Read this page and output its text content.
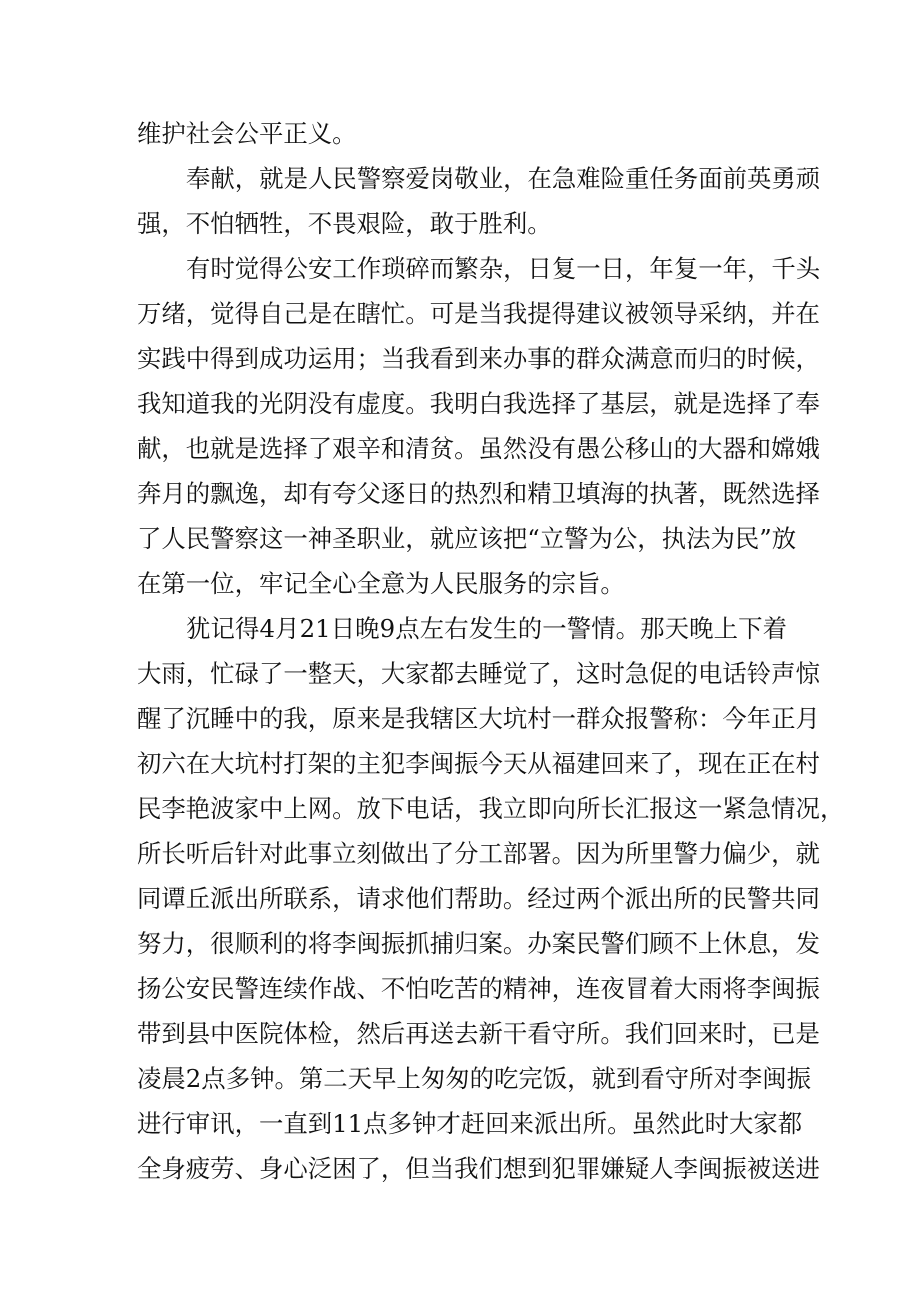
维护社会公平正义。
奉献，就是人民警察爱岗敬业，在急难险重任务面前英勇顽
强，不怕牺牲，不畏艰险，敢于胜利。
有时觉得公安工作琐碎而繁杂，日复一日，年复一年，千头
万绪，觉得自己是在瞎忙。可是当我提得建议被领导采纳，并在
实践中得到成功运用；当我看到来办事的群众满意而归的时候，
我知道我的光阴没有虚度。我明白我选择了基层，就是选择了奉
献，也就是选择了艰辛和清贫。虽然没有愚公移山的大器和嫦娥
奔月的飘逸，却有夸父逐日的热烈和精卫填海的执著，既然选择
了人民警察这一神圣职业，就应该把“立警为公，执法为民”放
在第一位，牢记全心全意为人民服务的宗旨。
犹记得4月21日晚9点左右发生的一警情。那天晚上下着
大雨，忙碌了一整天，大家都去睡觉了，这时急促的电话铃声惊
醒了沉睡中的我，原来是我辖区大坑村一群众报警称：今年正月
初六在大坑村打架的主犯李闽振今天从福建回来了，现在正在村
民李艳波家中上网。放下电话，我立即向所长汇报这一紧急情况，
所长听后针对此事立刻做出了分工部署。因为所里警力偏少，就
同谭丘派出所联系，请求他们帮助。经过两个派出所的民警共同
努力，很顺利的将李闽振抓捕归案。办案民警们顾不上休息，发
扬公安民警连续作战、不怕吃苦的精神，连夜冒着大雨将李闽振
带到县中医院体检，然后再送去新干看守所。我们回来时，已是
凌晨2点多钟。第二天早上匆匆的吃完饭，就到看守所对李闽振
进行审讯，一直到11点多钟才赶回来派出所。虽然此时大家都
全身疲劳、身心泛困了，但当我们想到犯罪嫌疑人李闽振被送进
